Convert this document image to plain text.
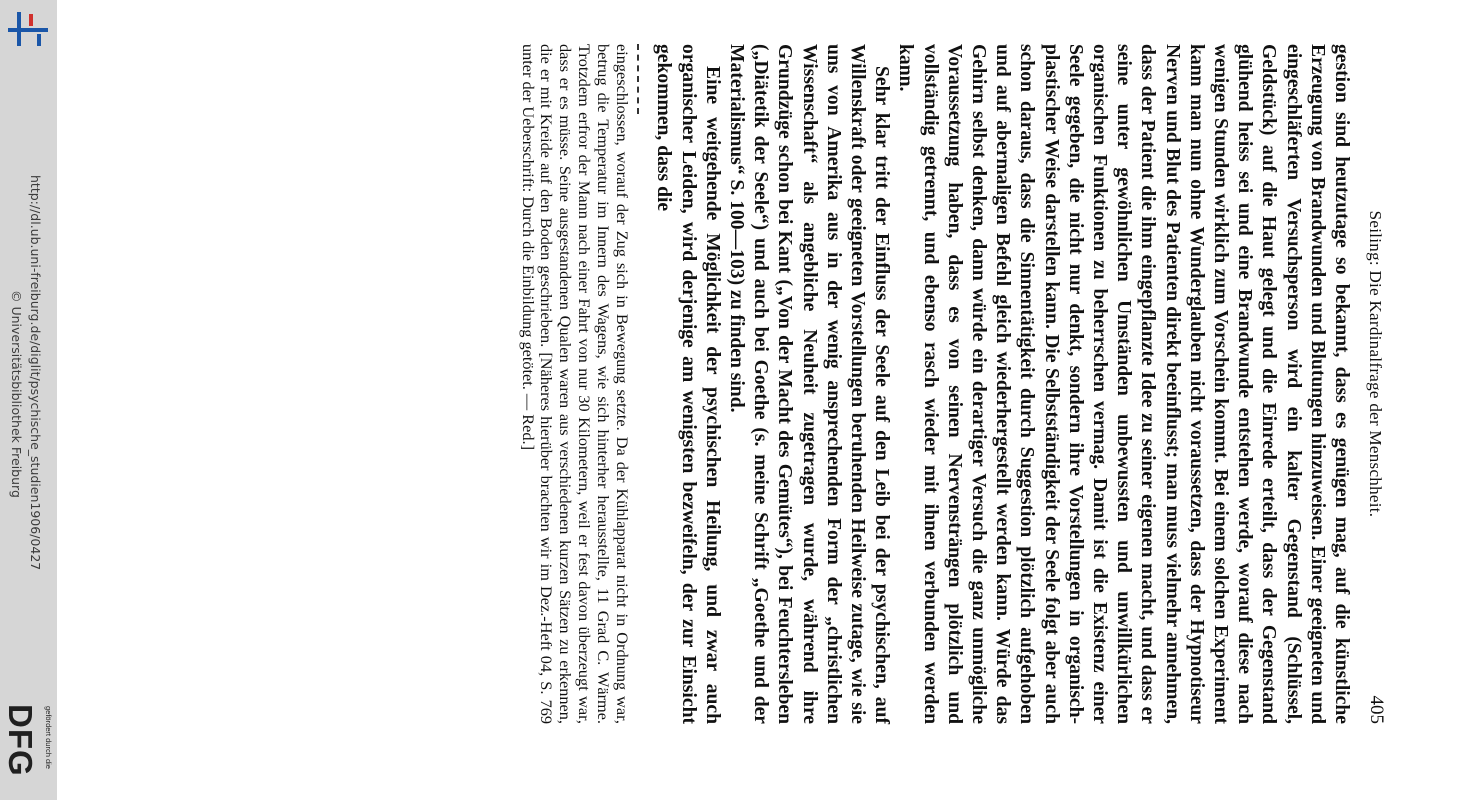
http://dl.ub.uni-freiburg.de/diglit/psychische_studien1906/0427
© Universitätsbibliothek Freiburg
DFG gefördert durch die
Seiling: Die Kardinalfrage der Menschheit.
405

gestion sind heutzutage so bekannt, dass es genügen mag, auf die künstliche Erzeugung von Brandwunden und Blutungen hinzuweisen. Einer geeigneten und eingeschläferten Versuchsperson wird ein kalter Gegenstand (Schlüssel, Geldstück) auf die Haut gelegt und die Einrede erteilt, dass der Gegenstand glühend heiss sei und eine Brandwunde entstehen werde, worauf diese nach wenigen Stunden wirklich zum Vorschein kommt. Bei einem solchen Experiment kann man nun ohne Wunderglauben nicht voraussetzen, dass der Hypnotiseur Nerven und Blut des Patienten direkt beeinflusst; man muss vielmehr annehmen, dass der Patient die ihm eingepflanzte Idee zu seiner eigenen macht, und dass er seine unter gewöhnlichen Umständen unbewussten und unwillkürlichen organischen Funktionen zu beherrschen vermag. Damit ist die Existenz einer Seele gegeben, die nicht nur denkt, sondern ihre Vorstellungen in organisch-plastischer Weise darstellen kann. Die Selbstständigkeit der Seele folgt aber auch schon daraus, dass die Sinnentätigkeit durch Suggestion plötzlich aufgehoben und auf abermaligen Befehl gleich wiederhergestellt werden kann. Würde das Gehirn selbst denken, dann würde ein derartiger Versuch die ganz unmögliche Voraussetzung haben, dass es von seinen Nervensträngen plötzlich und vollständig getrennt, und ebenso rasch wieder mit ihnen verbunden werden kann.

Sehr klar tritt der Einfluss der Seele auf den Leib bei der psychischen, auf Willenskraft oder geeigneten Vorstellungen beruhenden Heilweise zutage, wie sie uns von Amerika aus in der wenig ansprechenden Form der „christlichen Wissenschaft“ als angebliche Neuheit zugetragen wurde, während ihre Grundzüge schon bei Kant („Von der Macht des Gemütes“), bei Feuchtersleben („Diätetik der Seele“) und auch bei Goethe (s. meine Schrift „Goethe und der Materialismus“ S. 100—103) zu finden sind.

Eine weitgehende Möglichkeit der psychischen Heilung, und zwar auch organischer Leiden, wird derjenige am wenigsten bezweifeln, der zur Einsicht gekommen, dass die

eingeschlossen, worauf der Zug sich in Bewegung setzte. Da der Kühlapparat nicht in Ordnung war, betrug die Temperatur im Innern des Wagens, wie sich hinterher herausstellte, 11 Grad C. Wärme. Trotzdem erfror der Mann nach einer Fahrt von nur 30 Kilometern, weil er fest davon überzeugt war, dass er es müsse. Seine ausgestandenen Qualen waren aus verschiedenen kurzen Sätzen zu erkennen, die er mit Kreide auf den Boden geschrieben. [Näheres hierüber brachten wir im Dez.-Heft 04, S. 769 unter der Ueberschrift: Durch die Einbildung getötet. — Red.]
